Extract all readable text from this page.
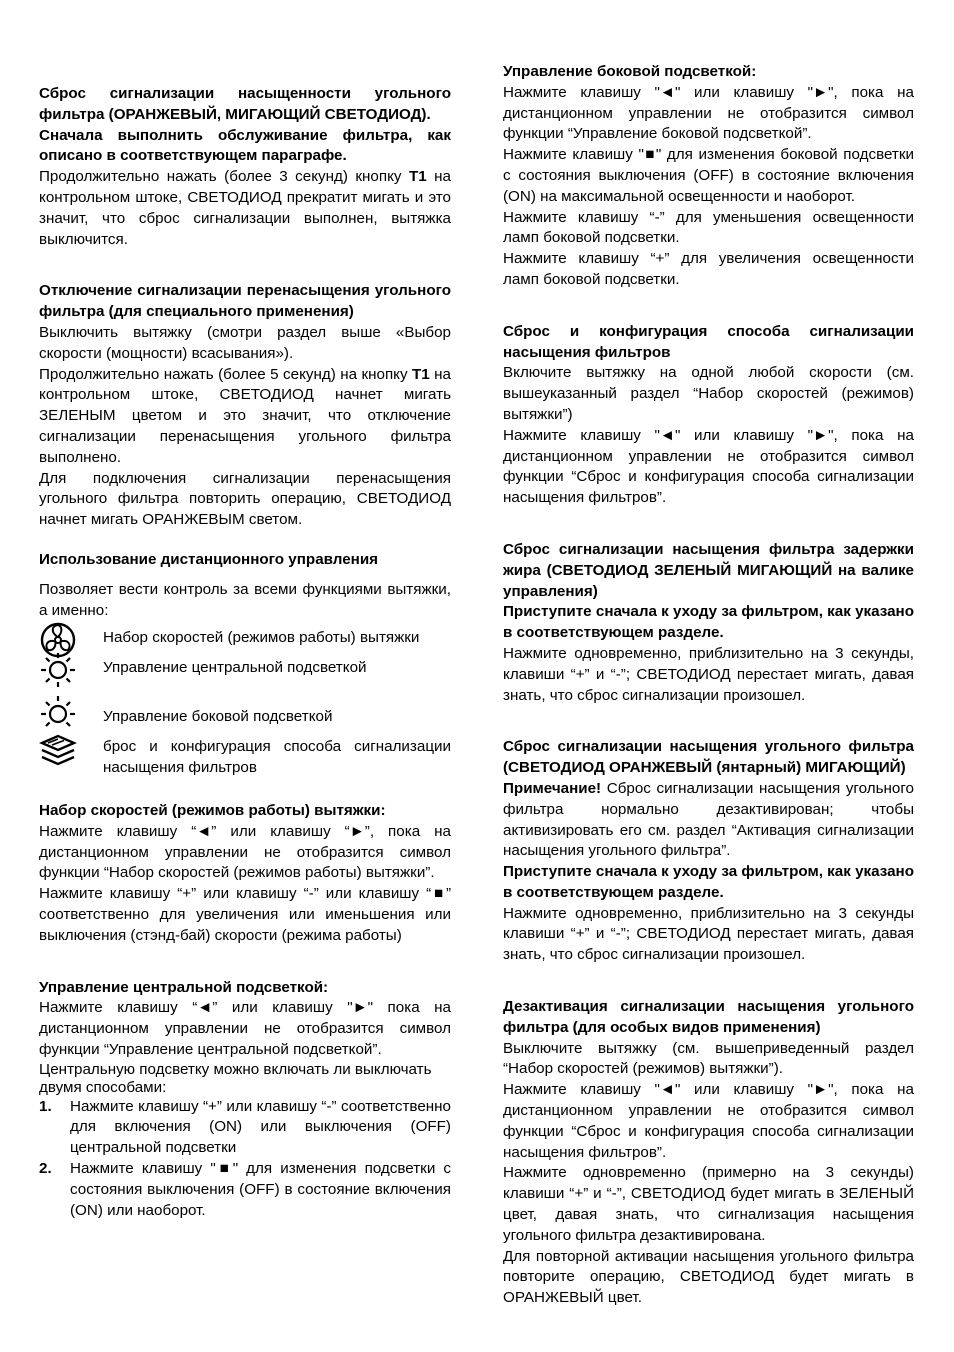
Сброс сигнализации насыщенности угольного фильтра (ОРАНЖЕВЫЙ, МИГАЮЩИЙ СВЕТОДИОД).

Сначала выполнить обслуживание фильтра, как описано в соответствующем параграфе.

Продолжительно нажать (более 3 секунд) кнопку T1 на контрольном штоке, СВЕТОДИОД прекратит мигать и это значит, что сброс сигнализации выполнен, вытяжка выключится.

Отключение сигнализации перенасыщения угольного фильтра (для специального применения)

Выключить вытяжку (смотри раздел выше «Выбор скорости (мощности) всасывания»).

Продолжительно нажать (более 5 секунд) на кнопку T1 на контрольном штоке, СВЕТОДИОД начнет мигать ЗЕЛЕНЫМ цветом и это значит, что отключение сигнализации перенасыщения угольного фильтра выполнено.

Для подключения сигнализации перенасыщения угольного фильтра повторить операцию, СВЕТОДИОД начнет мигать ОРАНЖЕВЫМ светом.

Использование дистанционного управления

Позволяет вести контроль за всеми функциями вытяжки, а именно:

Набор скоростей (режимов работы) вытяжки
Управление центральной подсветкой
Управление боковой подсветкой
брос и конфигурация способа сигнализации насыщения фильтров

Набор скоростей (режимов работы) вытяжки:

Нажмите клавишу “◄” или клавишу “►”, пока на дистанционном управлении не отобразится символ функции “Набор скоростей (режимов работы) вытяжки”.

Нажмите клавишу “+” или клавишу “-” или клавишу “■” соответственно для увеличения или именьшения или выключения (стэнд-бай) скорости (режима работы)

Управление центральной подсветкой:

Нажмите клавишу “◄” или клавишу "►" пока на дистанционном управлении не отобразится символ функции “Управление центральной подсветкой”.

Центральную подсветку можно включать ли выключать двумя способами:

1.	Нажмите клавишу “+” или клавишу “-” соответственно для включения (ON) или выключения (OFF) центральной подсветки
2.	Нажмите клавишу "■" для изменения подсветки с состояния выключения (OFF) в состояние включения (ON) или наоборот.

Управление боковой подсветкой:

Нажмите клавишу "◄" или клавишу "►", пока на дистанционном управлении не отобразится символ функции “Управление боковой подсветкой”.

Нажмите клавишу "■" для изменения боковой подсветки с состояния выключения (OFF) в состояние включения (ON) на максимальной освещенности и наоборот.

Нажмите клавишу “-” для уменьшения освещенности ламп боковой подсветки.

Нажмите клавишу “+” для увеличения освещенности ламп боковой подсветки.

Сброс и конфигурация способа сигнализации насыщения фильтров

Включите вытяжку на одной любой скорости (см. вышеуказанный раздел “Набор скоростей (режимов) вытяжки”)

Нажмите клавишу "◄" или клавишу "►", пока на дистанционном управлении не отобразится символ функции “Сброс и конфигурация способа сигнализации насыщения фильтров”.

Сброс сигнализации насыщения фильтра задержки жира (СВЕТОДИОД ЗЕЛЕНЫЙ МИГАЮЩИЙ на валике управления)

Приступите сначала к уходу за фильтром, как указано в соответствующем разделе.

Нажмите одновременно, приблизительно на 3 секунды, клавиши “+” и “-”; СВЕТОДИОД перестает мигать, давая знать, что сброс сигнализации произошел.

Сброс сигнализации насыщения угольного фильтра (СВЕТОДИОД ОРАНЖЕВЫЙ (янтарный) МИГАЮЩИЙ)

Примечание! Сброс сигнализации насыщения угольного фильтра нормально дезактивирован; чтобы активизировать его см. раздел “Активация сигнализации насыщения угольного фильтра”.

Приступите сначала к уходу за фильтром, как указано в соответствующем разделе.

Нажмите одновременно, приблизительно на 3 секунды клавиши “+” и “-”; СВЕТОДИОД перестает мигать, давая знать, что сброс сигнализации произошел.

Дезактивация сигнализации насыщения угольного фильтра (для особых видов применения)

Выключите вытяжку (см. вышеприведенный раздел “Набор скоростей (режимов) вытяжки”).

Нажмите клавишу "◄" или клавишу "►", пока на дистанционном управлении не отобразится символ функции “Сброс и конфигурация способа сигнализации насыщения фильтров”.

Нажмите одновременно (примерно на 3 секунды) клавиши “+” и “-”, СВЕТОДИОД будет мигать в ЗЕЛЕНЫЙ цвет, давая знать, что сигнализация насыщения угольного фильтра дезактивирована.

Для повторной активации насыщения угольного фильтра повторите операцию, СВЕТОДИОД будет мигать в ОРАНЖЕВЫЙ цвет.
